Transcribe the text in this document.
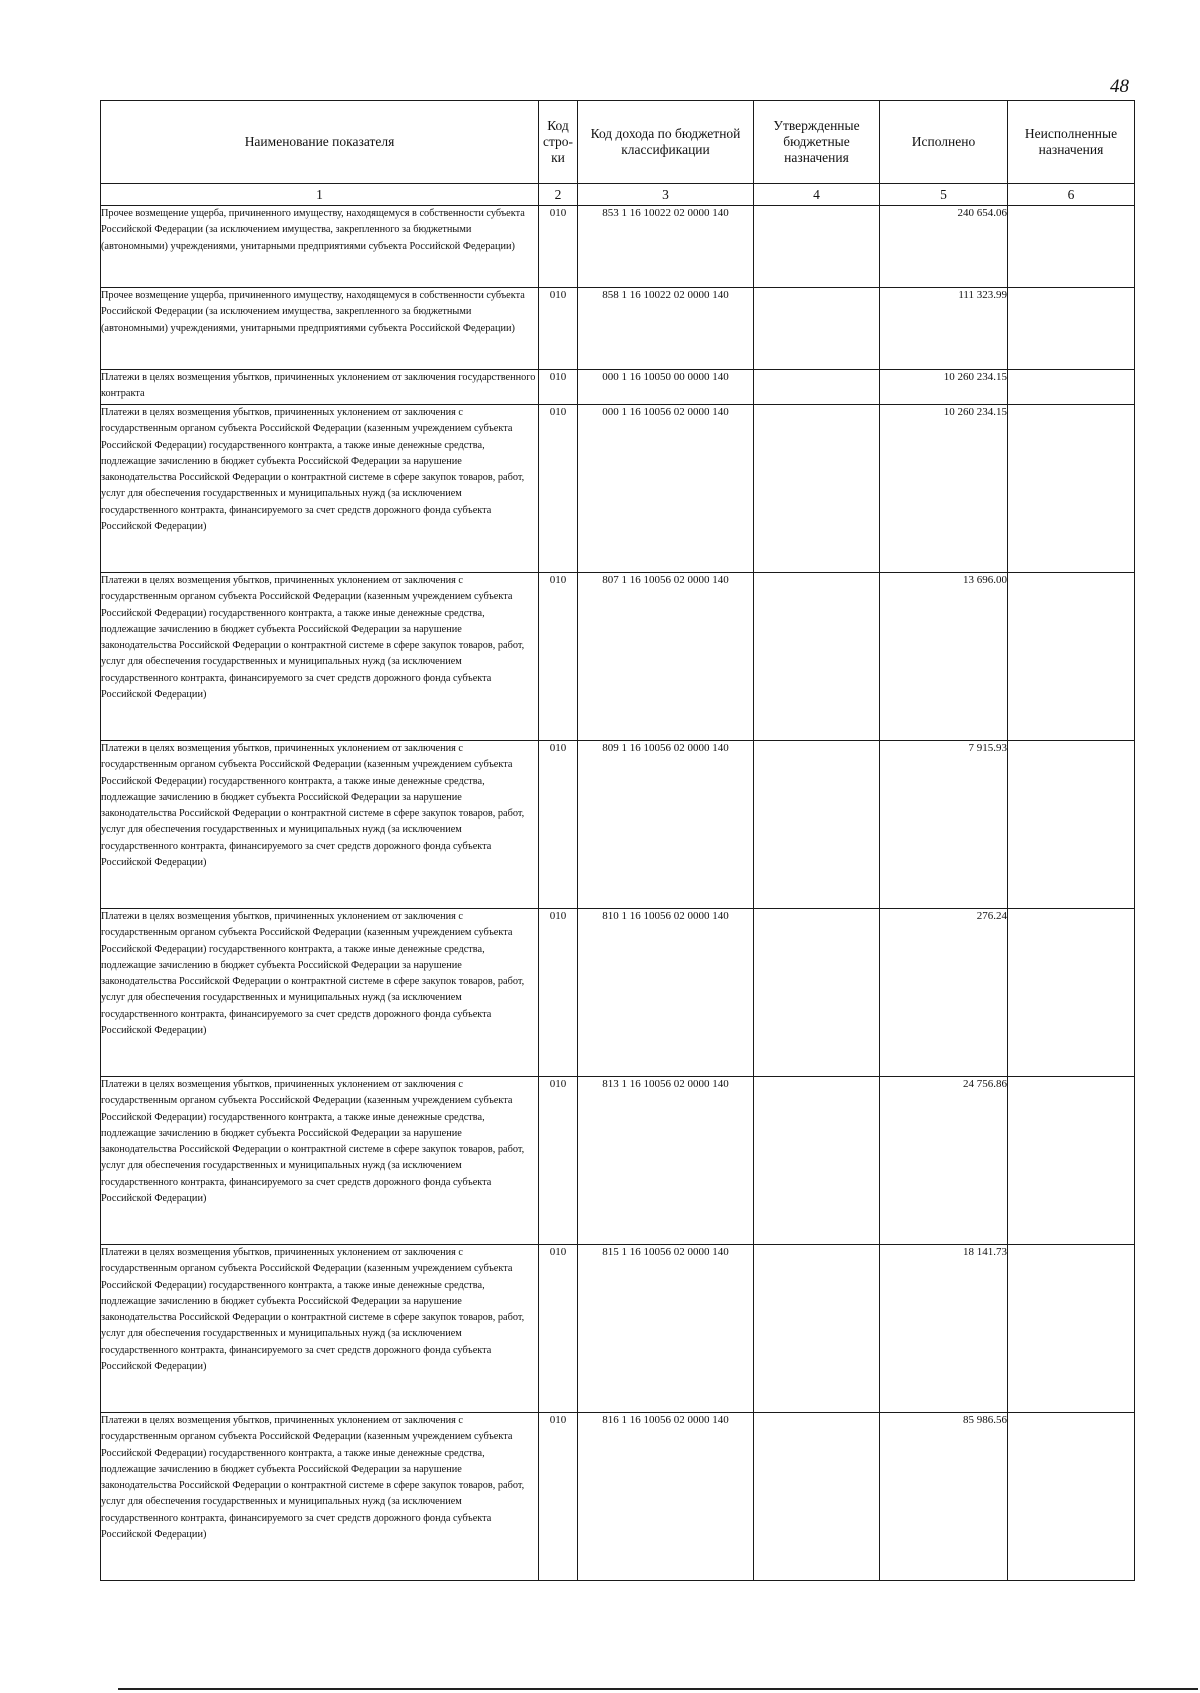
48
Наименование показателя	Код стро-ки	Код дохода по бюджетной классификации	Утвержденные бюджетные назначения	Исполнено	Неисполненные назначения
1	2	3	4	5	6
Прочее возмещение ущерба, причиненного имуществу, находящемуся в собственности субъекта Российской Федерации (за исключением имущества, закрепленного за бюджетными (автономными) учреждениями, унитарными предприятиями субъекта Российской Федерации)	010	853 1 16 10022 02 0000 140		240 654.06	
Прочее возмещение ущерба, причиненного имуществу, находящемуся в собственности субъекта Российской Федерации (за исключением имущества, закрепленного за бюджетными (автономными) учреждениями, унитарными предприятиями субъекта Российской Федерации)	010	858 1 16 10022 02 0000 140		111 323.99	
Платежи в целях возмещения убытков, причиненных уклонением от заключения государственного контракта	010	000 1 16 10050 00 0000 140		10 260 234.15	
Платежи в целях возмещения убытков, причиненных уклонением от заключения с государственным органом субъекта Российской Федерации (казенным учреждением субъекта Российской Федерации) государственного контракта, а также иные денежные средства, подлежащие зачислению в бюджет субъекта Российской Федерации за нарушение законодательства Российской Федерации о контрактной системе в сфере закупок товаров, работ, услуг для обеспечения государственных и муниципальных нужд (за исключением государственного контракта, финансируемого за счет средств дорожного фонда субъекта Российской Федерации)	010	000 1 16 10056 02 0000 140		10 260 234.15	
Платежи в целях возмещения убытков, причиненных уклонением от заключения с государственным органом субъекта Российской Федерации (казенным учреждением субъекта Российской Федерации) государственного контракта, а также иные денежные средства, подлежащие зачислению в бюджет субъекта Российской Федерации за нарушение законодательства Российской Федерации о контрактной системе в сфере закупок товаров, работ, услуг для обеспечения государственных и муниципальных нужд (за исключением государственного контракта, финансируемого за счет средств дорожного фонда субъекта Российской Федерации)	010	807 1 16 10056 02 0000 140		13 696.00	
Платежи в целях возмещения убытков, причиненных уклонением от заключения с государственным органом субъекта Российской Федерации (казенным учреждением субъекта Российской Федерации) государственного контракта, а также иные денежные средства, подлежащие зачислению в бюджет субъекта Российской Федерации за нарушение законодательства Российской Федерации о контрактной системе в сфере закупок товаров, работ, услуг для обеспечения государственных и муниципальных нужд (за исключением государственного контракта, финансируемого за счет средств дорожного фонда субъекта Российской Федерации)	010	809 1 16 10056 02 0000 140		7 915.93	
Платежи в целях возмещения убытков, причиненных уклонением от заключения с государственным органом субъекта Российской Федерации (казенным учреждением субъекта Российской Федерации) государственного контракта, а также иные денежные средства, подлежащие зачислению в бюджет субъекта Российской Федерации за нарушение законодательства Российской Федерации о контрактной системе в сфере закупок товаров, работ, услуг для обеспечения государственных и муниципальных нужд (за исключением государственного контракта, финансируемого за счет средств дорожного фонда субъекта Российской Федерации)	010	810 1 16 10056 02 0000 140		276.24	
Платежи в целях возмещения убытков, причиненных уклонением от заключения с государственным органом субъекта Российской Федерации (казенным учреждением субъекта Российской Федерации) государственного контракта, а также иные денежные средства, подлежащие зачислению в бюджет субъекта Российской Федерации за нарушение законодательства Российской Федерации о контрактной системе в сфере закупок товаров, работ, услуг для обеспечения государственных и муниципальных нужд (за исключением государственного контракта, финансируемого за счет средств дорожного фонда субъекта Российской Федерации)	010	813 1 16 10056 02 0000 140		24 756.86	
Платежи в целях возмещения убытков, причиненных уклонением от заключения с государственным органом субъекта Российской Федерации (казенным учреждением субъекта Российской Федерации) государственного контракта, а также иные денежные средства, подлежащие зачислению в бюджет субъекта Российской Федерации за нарушение законодательства Российской Федерации о контрактной системе в сфере закупок товаров, работ, услуг для обеспечения государственных и муниципальных нужд (за исключением государственного контракта, финансируемого за счет средств дорожного фонда субъекта Российской Федерации)	010	815 1 16 10056 02 0000 140		18 141.73	
Платежи в целях возмещения убытков, причиненных уклонением от заключения с государственным органом субъекта Российской Федерации (казенным учреждением субъекта Российской Федерации) государственного контракта, а также иные денежные средства, подлежащие зачислению в бюджет субъекта Российской Федерации за нарушение законодательства Российской Федерации о контрактной системе в сфере закупок товаров, работ, услуг для обеспечения государственных и муниципальных нужд (за исключением государственного контракта, финансируемого за счет средств дорожного фонда субъекта Российской Федерации)	010	816 1 16 10056 02 0000 140		85 986.56	
